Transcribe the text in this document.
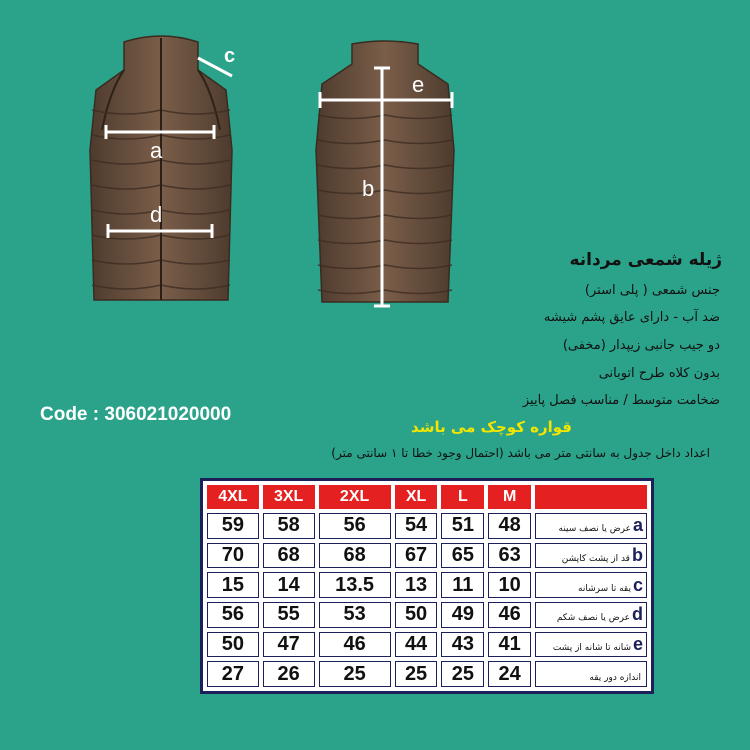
a
d
c
e
b
ژیله شمعی مردانه
جنس شمعی ( پلی استر)
ضد آب - دارای عایق پشم شیشه
دو جیب جانبی زیپدار (مخفی)
بدون کلاه طرح اتوبانی
ضخامت متوسط / مناسب فصل پاییز
قواره کوچک می باشد
Code : 306021020000
اعداد داخل جدول به سانتی متر می باشد (احتمال وجود خطا تا ۱ سانتی متر)
4XL	3XL	2XL	XL	L	M	
59	58	56	54	51	48	aعرض یا نصف سینه
70	68	68	67	65	63	bقد از پشت کاپشن
15	14	13.5	13	11	10	cیقه تا سرشانه
56	55	53	50	49	46	dعرض یا نصف شکم
50	47	46	44	43	41	eشانه تا شانه از پشت
27	26	25	25	25	24	اندازه دور یقه
